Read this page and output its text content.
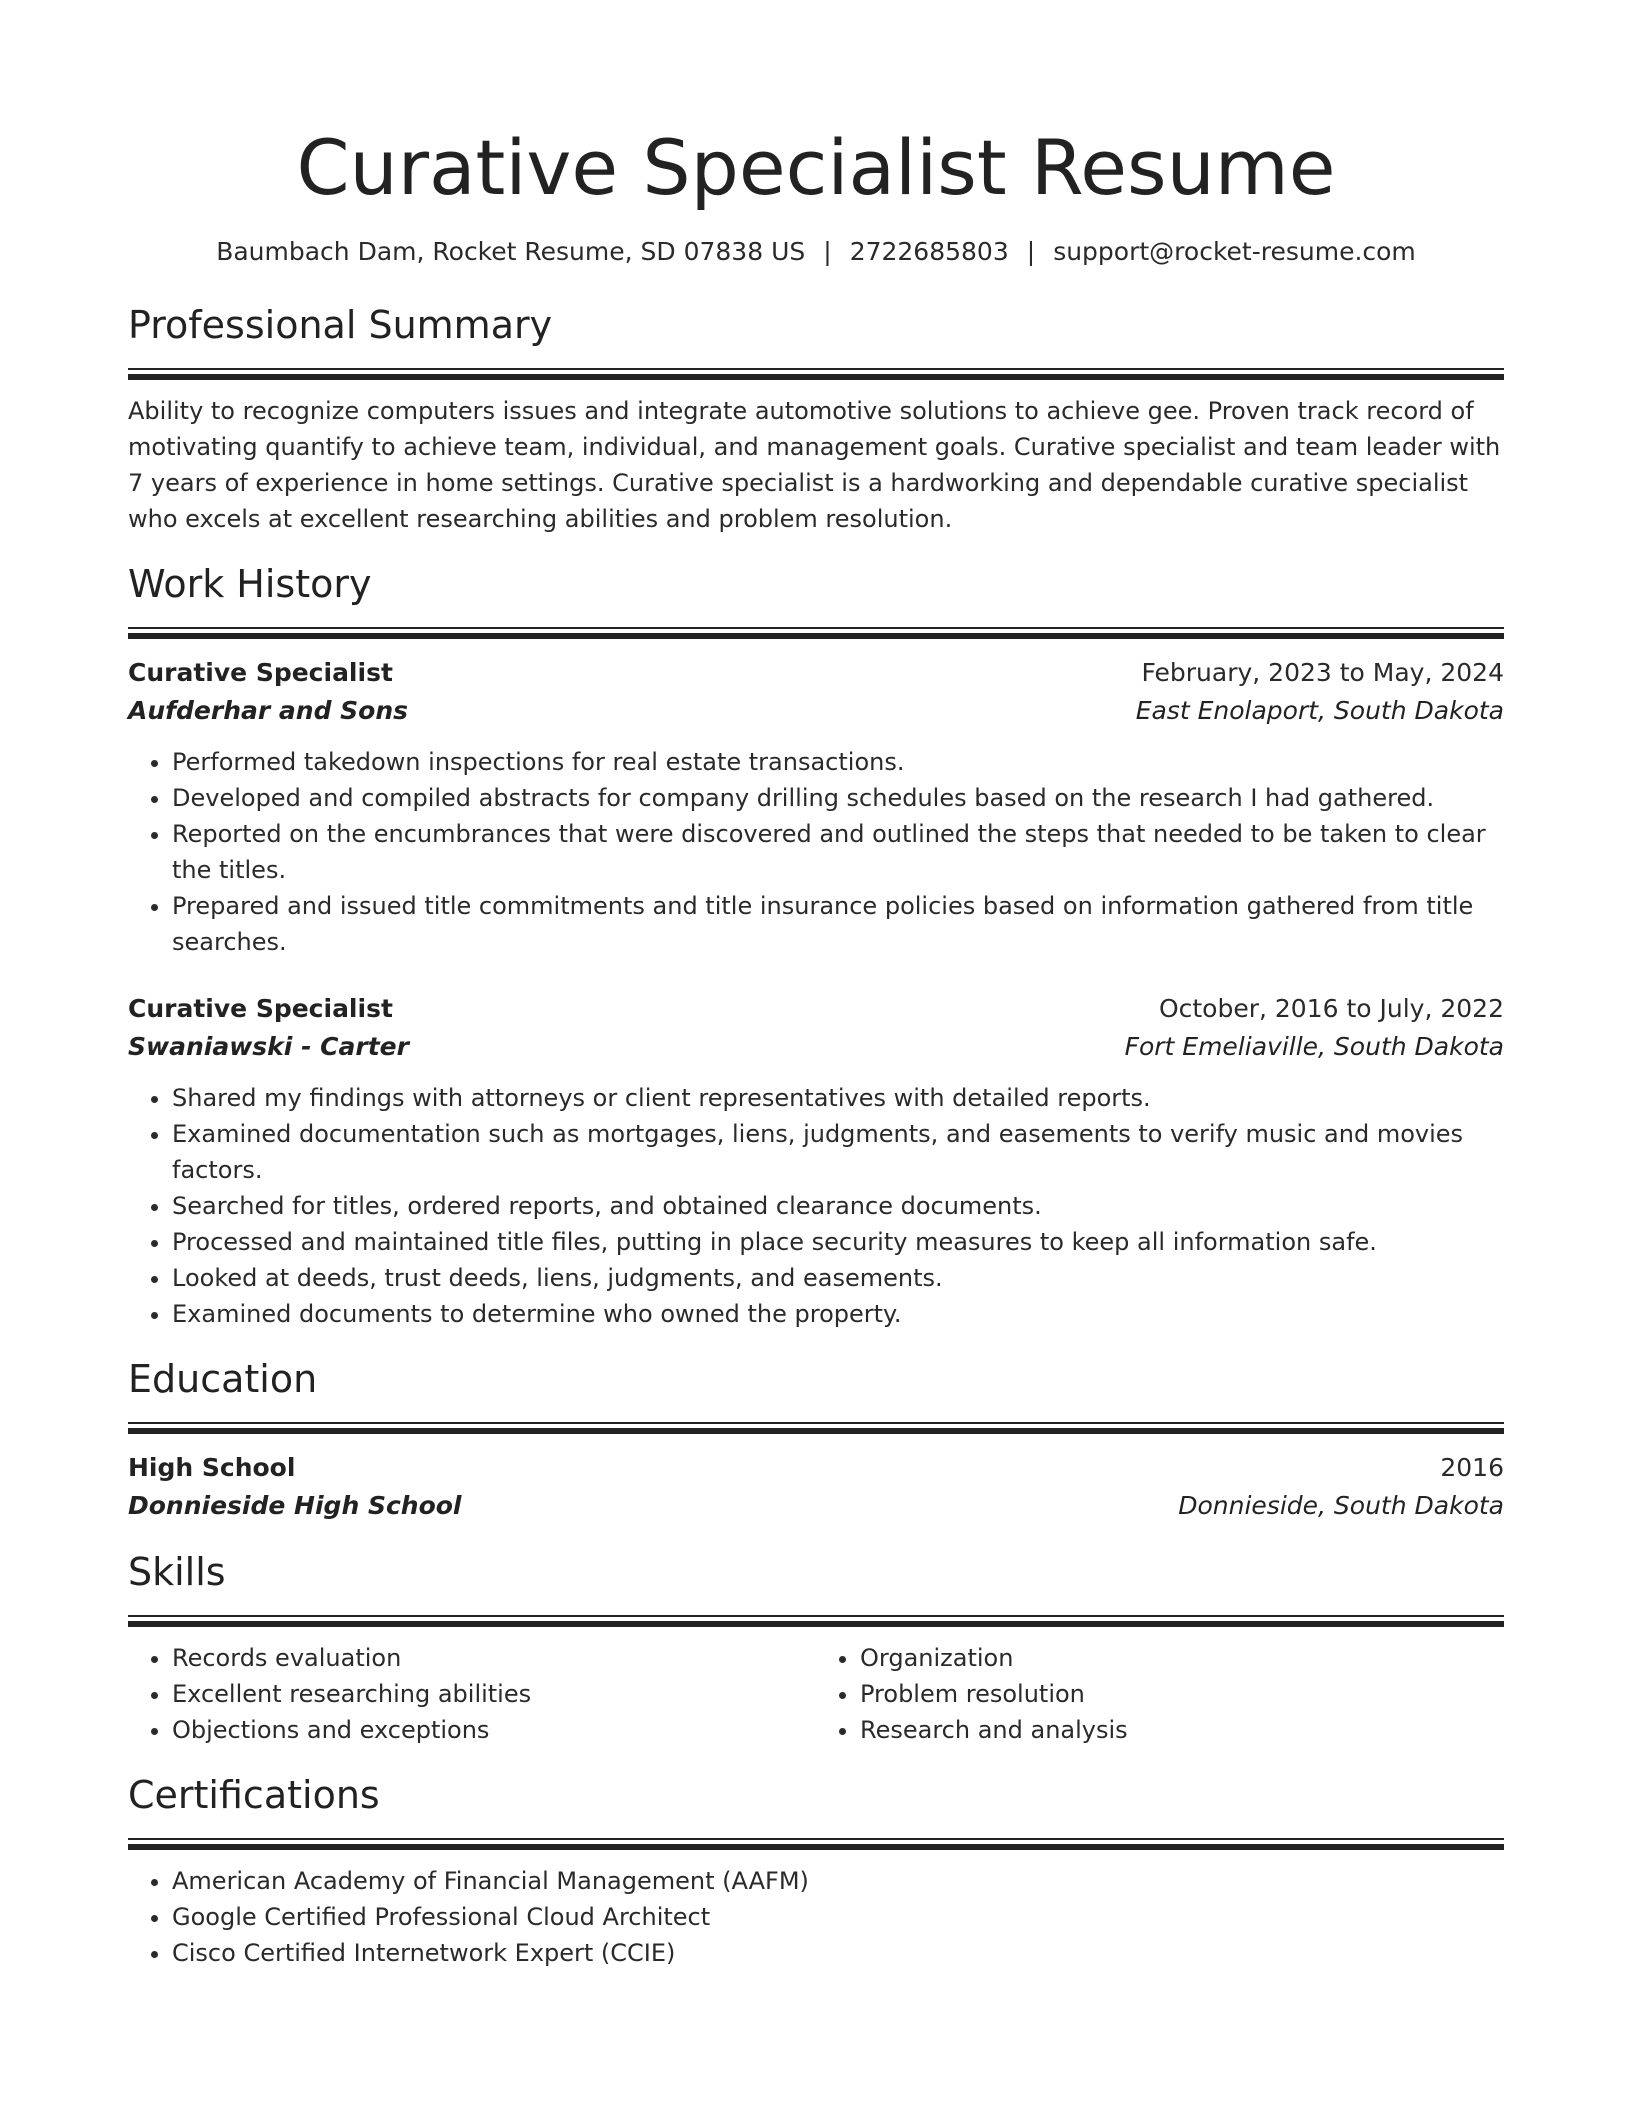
Curative Specialist Resume
Baumbach Dam, Rocket Resume, SD 07838 US | 2722685803 | support@rocket-resume.com
Professional Summary
Ability to recognize computers issues and integrate automotive solutions to achieve gee. Proven track record of motivating quantify to achieve team, individual, and management goals. Curative specialist and team leader with 7 years of experience in home settings. Curative specialist is a hardworking and dependable curative specialist who excels at excellent researching abilities and problem resolution.
Work History
Curative Specialist	February, 2023 to May, 2024
Aufderhar and Sons	East Enolaport, South Dakota
• Performed takedown inspections for real estate transactions.
• Developed and compiled abstracts for company drilling schedules based on the research I had gathered.
• Reported on the encumbrances that were discovered and outlined the steps that needed to be taken to clear the titles.
• Prepared and issued title commitments and title insurance policies based on information gathered from title searches.
Curative Specialist	October, 2016 to July, 2022
Swaniawski - Carter	Fort Emeliaville, South Dakota
• Shared my findings with attorneys or client representatives with detailed reports.
• Examined documentation such as mortgages, liens, judgments, and easements to verify music and movies factors.
• Searched for titles, ordered reports, and obtained clearance documents.
• Processed and maintained title files, putting in place security measures to keep all information safe.
• Looked at deeds, trust deeds, liens, judgments, and easements.
• Examined documents to determine who owned the property.
Education
High School	2016
Donnieside High School	Donnieside, South Dakota
Skills
• Records evaluation
• Excellent researching abilities
• Objections and exceptions
• Organization
• Problem resolution
• Research and analysis
Certifications
• American Academy of Financial Management (AAFM)
• Google Certified Professional Cloud Architect
• Cisco Certified Internetwork Expert (CCIE)
